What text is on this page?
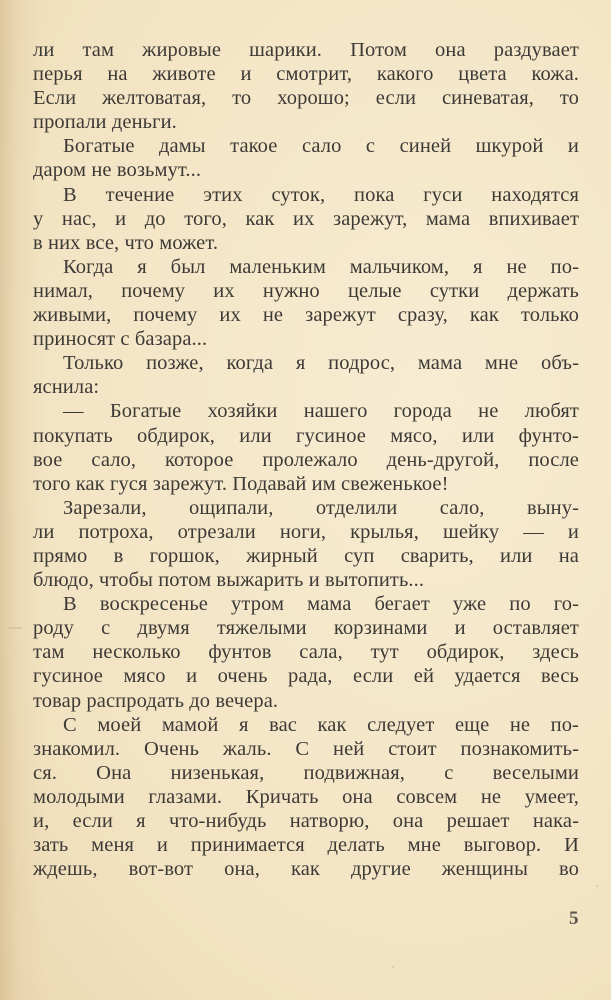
ли там жировые шарики. Потом она раздувает
перья на животе и смотрит, какого цвета кожа.
Если желтоватая, то хорошо; если синеватая, то
пропали деньги.
Богатые дамы такое сало с синей шкурой и
даром не возьмут...
В течение этих суток, пока гуси находятся
у нас, и до того, как их зарежут, мама впихивает
в них все, что может.
Когда я был маленьким мальчиком, я не по-
нимал, почему их нужно целые сутки держать
живыми, почему их не зарежут сразу, как только
приносят с базара...
Только позже, когда я подрос, мама мне объ-
яснила:
— Богатые хозяйки нашего города не любят
покупать обдирок, или гусиное мясо, или фунто-
вое сало, которое пролежало день-другой, после
того как гуся зарежут. Подавай им свеженькое!
Зарезали, ощипали, отделили сало, выну-
ли потроха, отрезали ноги, крылья, шейку — и
прямо в горшок, жирный суп сварить, или на
блюдо, чтобы потом выжарить и вытопить...
В воскресенье утром мама бегает уже по го-
роду с двумя тяжелыми корзинами и оставляет
там несколько фунтов сала, тут обдирок, здесь
гусиное мясо и очень рада, если ей удается весь
товар распродать до вечера.
С моей мамой я вас как следует еще не по-
знакомил. Очень жаль. С ней стоит познакомить-
ся. Она низенькая, подвижная, с веселыми
молодыми глазами. Кричать она совсем не умеет,
и, если я что-нибудь натворю, она решает нака-
зать меня и принимается делать мне выговор. И
ждешь, вот-вот она, как другие женщины во
5
